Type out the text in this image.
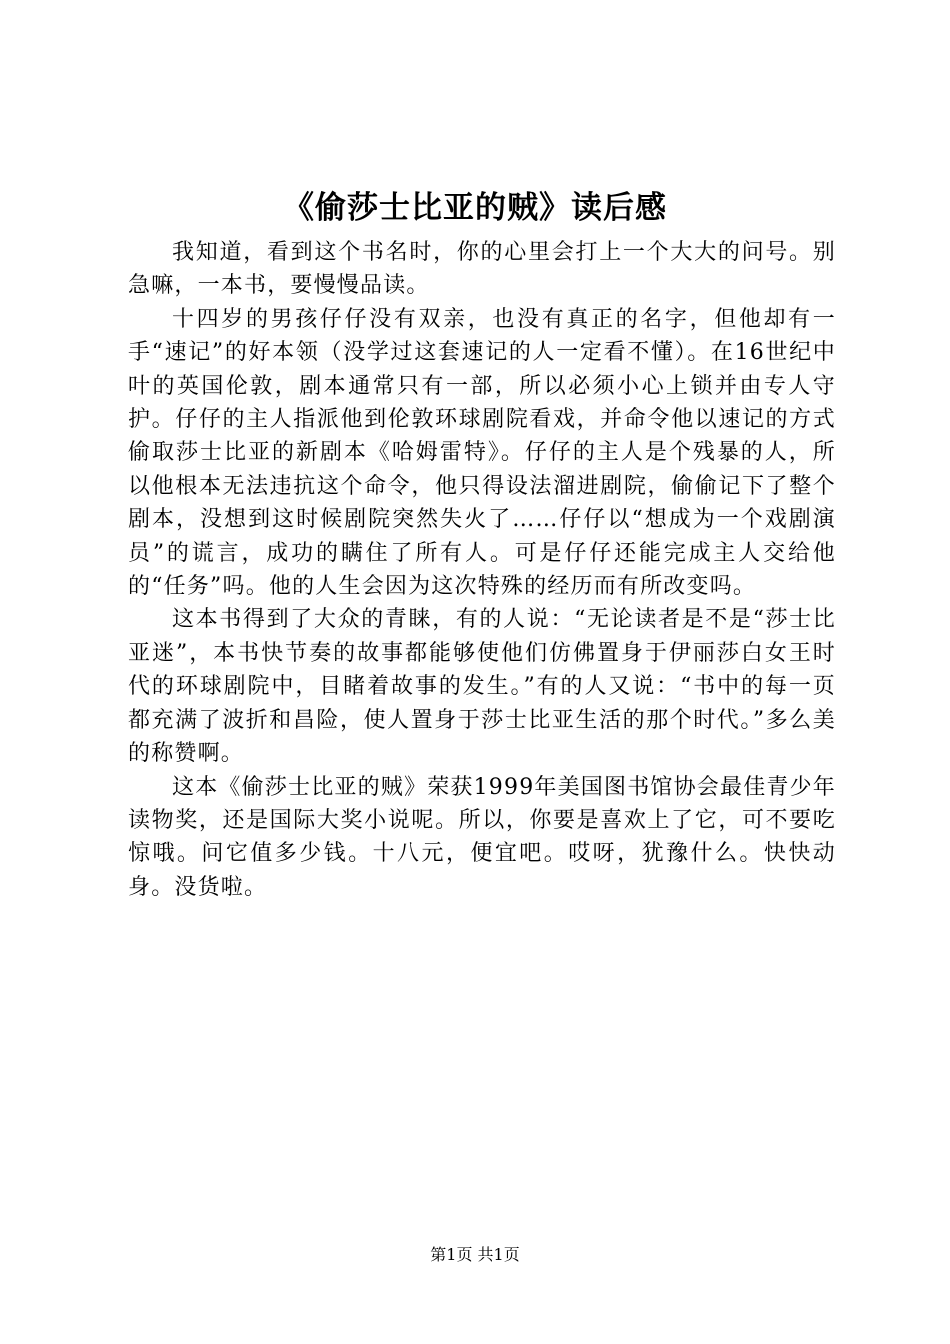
《偷莎士比亚的贼》读后感

我知道，看到这个书名时，你的心里会打上一个大大的问号。别急嘛，一本书，要慢慢品读。

十四岁的男孩仔仔没有双亲，也没有真正的名字，但他却有一手“速记”的好本领（没学过这套速记的人一定看不懂）。在16世纪中叶的英国伦敦，剧本通常只有一部，所以必须小心上锁并由专人守护。仔仔的主人指派他到伦敦环球剧院看戏，并命令他以速记的方式偷取莎士比亚的新剧本《哈姆雷特》。仔仔的主人是个残暴的人，所以他根本无法违抗这个命令，他只得设法溜进剧院，偷偷记下了整个剧本，没想到这时候剧院突然失火了……仔仔以“想成为一个戏剧演员”的谎言，成功的瞒住了所有人。可是仔仔还能完成主人交给他的“任务”吗。他的人生会因为这次特殊的经历而有所改变吗。

这本书得到了大众的青睐，有的人说：“无论读者是不是“莎士比亚迷”，本书快节奏的故事都能够使他们仿佛置身于伊丽莎白女王时代的环球剧院中，目睹着故事的发生。”有的人又说：“书中的每一页都充满了波折和昌险，使人置身于莎士比亚生活的那个时代。”多么美的称赞啊。

这本《偷莎士比亚的贼》荣获1999年美国图书馆协会最佳青少年读物奖，还是国际大奖小说呢。所以，你要是喜欢上了它，可不要吃惊哦。问它值多少钱。十八元，便宜吧。哎呀，犹豫什么。快快动身。没货啦。

第1页 共1页
